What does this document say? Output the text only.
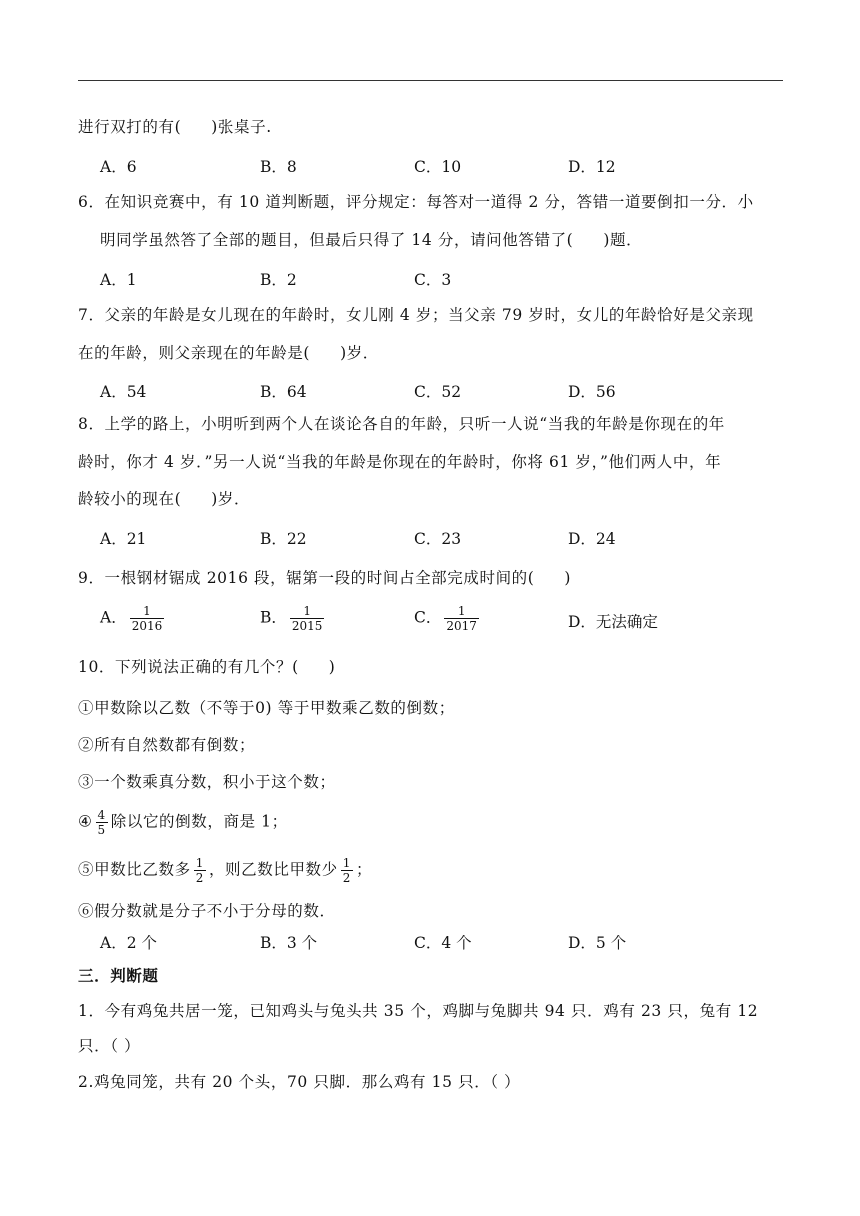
进行双打的有( )张桌子.
A．6	B．8	C．10	D．12
6．在知识竞赛中，有 10 道判断题，评分规定：每答对一道得 2 分，答错一道要倒扣一分．小
明同学虽然答了全部的题目，但最后只得了 14 分，请问他答错了( )题．
A．1	B．2	C．3
7．父亲的年龄是女儿现在的年龄时，女儿刚 4 岁；当父亲 79 岁时，女儿的年龄恰好是父亲现
在的年龄，则父亲现在的年龄是( )岁．
A．54	B．64	C．52	D．56
8．上学的路上，小明听到两个人在谈论各自的年龄，只听一人说“当我的年龄是你现在的年
龄时，你才 4 岁．”另一人说“当我的年龄是你现在的年龄时，你将 61 岁，”他们两人中，年
龄较小的现在( )岁．
A．21	B．22	C．23	D．24
9．一根钢材锯成 2016 段，锯第一段的时间占全部完成时间的( )
A． $\frac{1}{2016}$	B． $\frac{1}{2015}$	C． $\frac{1}{2017}$	D．无法确定
10．下列说法正确的有几个？( )
①甲数除以乙数（不等于0) 等于甲数乘乙数的倒数；
②所有自然数都有倒数；
③一个数乘真分数，积小于这个数；
④ $\frac{4}{5}$ 除以它的倒数，商是 1；
⑤甲数比乙数多 $\frac{1}{2}$ ，则乙数比甲数少 $\frac{1}{2}$ ；
⑥假分数就是分子不小于分母的数．
A．2 个	B．3 个	C．4 个	D．5 个
三．判断题
1．今有鸡兔共居一笼，已知鸡头与兔头共 35 个，鸡脚与兔脚共 94 只．鸡有 23 只，兔有 12
只．（ ）
2.鸡兔同笼，共有 20 个头，70 只脚．那么鸡有 15 只．（ ）
